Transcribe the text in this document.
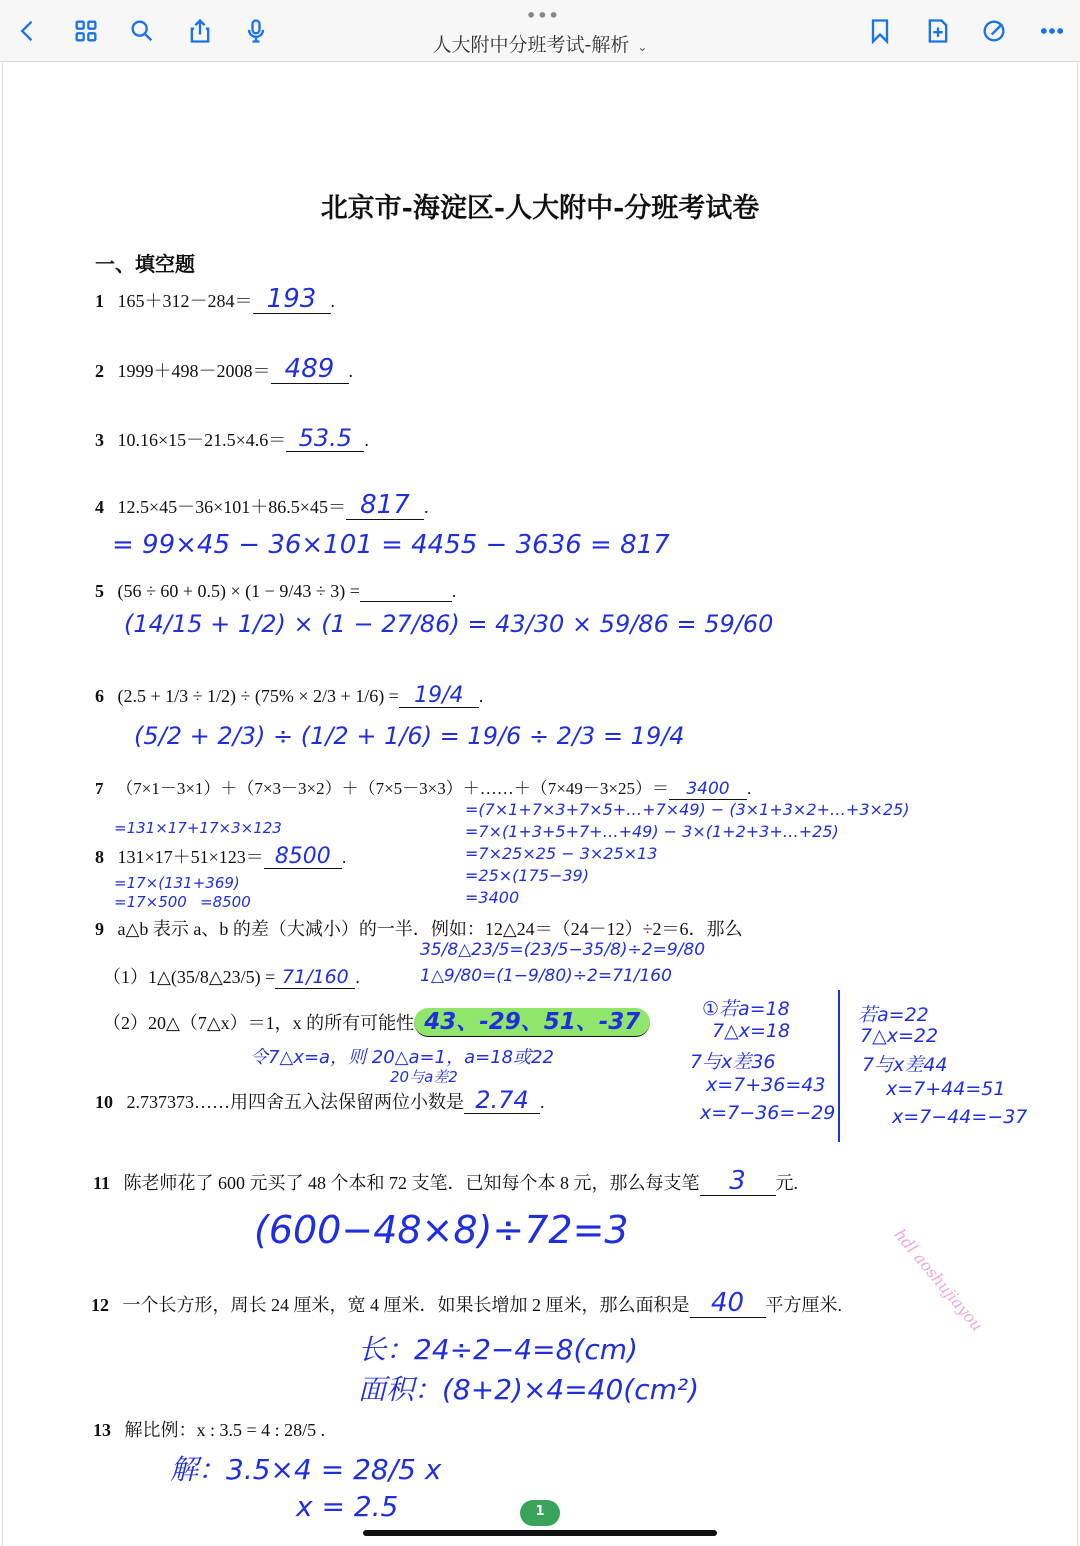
•••
人大附中分班考试-解析 ⌄
北京市-海淀区-人大附中-分班考试卷
一、填空题
1 165＋312－284＝ 193 .
2 1999＋498－2008＝ 489 .
3 10.16×15－21.5×4.6＝ 53.5 .
4 12.5×45－36×101＋86.5×45＝ 817 .
5 (56 ÷ 60 + 0.5) × (1 − 9/43 ÷ 3) =	.
6 (2.5 + 1/3 ÷ 1/2) ÷ (75% × 2/3 + 1/6) = 19/4 .
7 （7×1－3×1）＋（7×3－3×2）＋（7×5－3×3）＋……＋（7×49－3×25）＝ 3400 .
8 131×17＋51×123＝ 8500 .
9 a△b 表示 a、b 的差（大减小）的一半．例如：12△24＝（24－12）÷2＝6．那么
（1）1△(35/8△23/5) = 71/160 .
（2）20△（7△x）＝1，x 的所有可能性 43、-29、51、-37
10 2.737373……用四舍五入法保留两位小数是 2.74 .
11 陈老师花了 600 元买了 48 个本和 72 支笔．已知每个本 8 元，那么每支笔 3 元.
12 一个长方形，周长 24 厘米，宽 4 厘米．如果长增加 2 厘米，那么面积是 40 平方厘米.
13 解比例：x : 3.5 = 4 : 28/5 .
= 99×45 − 36×101 = 4455 − 3636 = 817
(14/15 + 1/2) × (1 − 27/86) = 43/30 × 59/86 = 59/60
(5/2 + 2/3) ÷ (1/2 + 1/6) = 19/6 ÷ 2/3 = 19/4
=(7×1+7×3+7×5+…+7×49) − (3×1+3×2+…+3×25)
=7×(1+3+5+7+…+49) − 3×(1+2+3+…+25)
=7×25×25 − 3×25×13
=25×(175−39)
=3400
=131×17+17×3×123
=17×(131+369)
=17×500 =8500
35/8△23/5=(23/5−35/8)÷2=9/80
1△9/80=(1−9/80)÷2=71/160
令7△x=a，则 20△a=1，a=18或22
20与a差2
①若a=18
7△x=18
7与x差36
x=7+36=43
x=7−36=−29
若a=22
7△x=22
7与x差44
x=7+44=51
x=7−44=−37
(600−48×8)÷72=3	hdl aoshujiayou
长：24÷2−4=8(cm)
面积：(8+2)×4=40(cm²)
解：3.5×4 = 28/5 x
x = 2.5	1
